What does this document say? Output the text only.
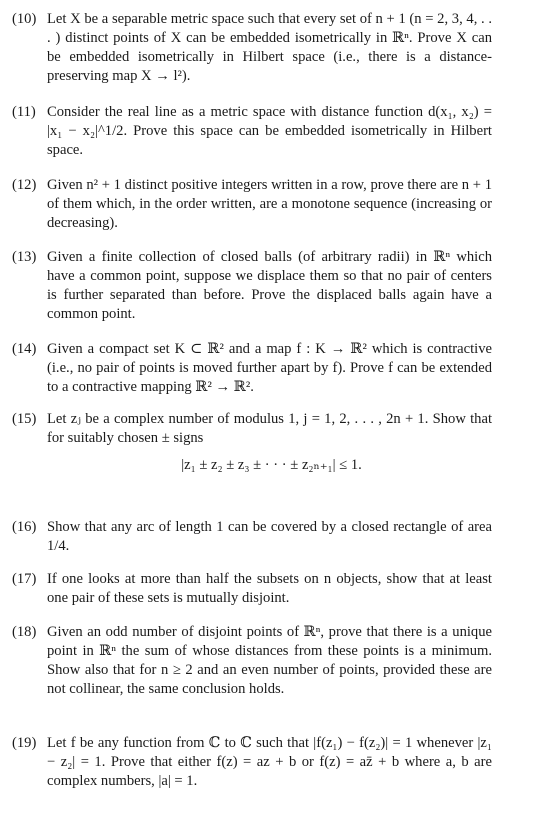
(10) Let X be a separable metric space such that every set of n + 1 (n = 2, 3, 4, . . . ) distinct points of X can be embedded isometrically in ℝⁿ. Prove X can be embedded isometrically in Hilbert space (i.e., there is a distance-preserving map X → l²).
(11) Consider the real line as a metric space with distance function d(x₁, x₂) = |x₁ − x₂|^1/2. Prove this space can be embedded isometrically in Hilbert space.
(12) Given n² + 1 distinct positive integers written in a row, prove there are n + 1 of them which, in the order written, are a monotone sequence (increasing or decreasing).
(13) Given a finite collection of closed balls (of arbitrary radii) in ℝⁿ which have a common point, suppose we displace them so that no pair of centers is further separated than before. Prove the displaced balls again have a common point.
(14) Given a compact set K ⊂ ℝ² and a map f : K → ℝ² which is contractive (i.e., no pair of points is moved further apart by f). Prove f can be extended to a contractive mapping ℝ² → ℝ².
(15) Let zⱼ be a complex number of modulus 1, j = 1, 2, . . . , 2n + 1. Show that for suitably chosen ± signs
|z₁ ± z₂ ± z₃ ± · · · ± z₂ₙ₊₁| ≤ 1.
(16) Show that any arc of length 1 can be covered by a closed rectangle of area 1/4.
(17) If one looks at more than half the subsets on n objects, show that at least one pair of these sets is mutually disjoint.
(18) Given an odd number of disjoint points of ℝⁿ, prove that there is a unique point in ℝⁿ the sum of whose distances from these points is a minimum. Show also that for n ≥ 2 and an even number of points, provided these are not collinear, the same conclusion holds.
(19) Let f be any function from ℂ to ℂ such that |f(z₁) − f(z₂)| = 1 whenever |z₁ − z₂| = 1. Prove that either f(z) = az + b or f(z) = az̄ + b where a, b are complex numbers, |a| = 1.
